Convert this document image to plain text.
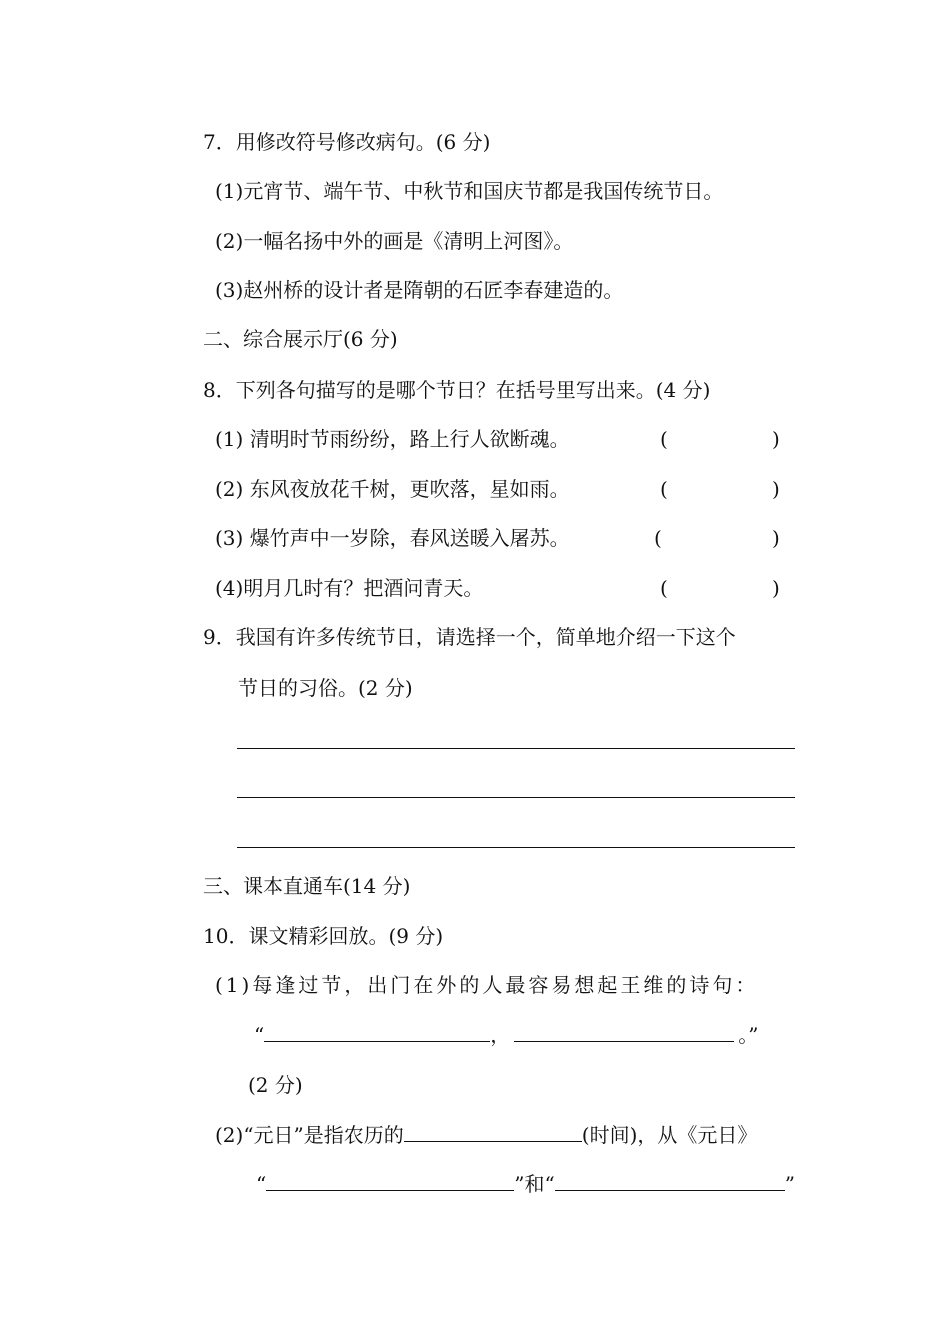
7．用修改符号修改病句。(6 分)
(1)元宵节、端午节、中秋节和国庆节都是我国传统节日。
(2)一幅名扬中外的画是《清明上河图》。
(3)赵州桥的设计者是隋朝的石匠李春建造的。
二、综合展示厅(6 分)
8．下列各句描写的是哪个节日？在括号里写出来。(4 分)
(1) 清明时节雨纷纷，路上行人欲断魂。	(	)
(2) 东风夜放花千树，更吹落，星如雨。	(	)
(3) 爆竹声中一岁除，春风送暖入屠苏。	(	)
(4)明月几时有？把酒问青天。	(	)
9．我国有许多传统节日，请选择一个，简单地介绍一下这个
节日的习俗。(2 分)
三、课本直通车(14 分)
10．课文精彩回放。(9 分)
(1)每逢过节，出门在外的人最容易想起王维的诗句：
“	，	。”
(2 分)
(2)“元日”是指农历的	(时间)，从《元日》
“	”和“	”
